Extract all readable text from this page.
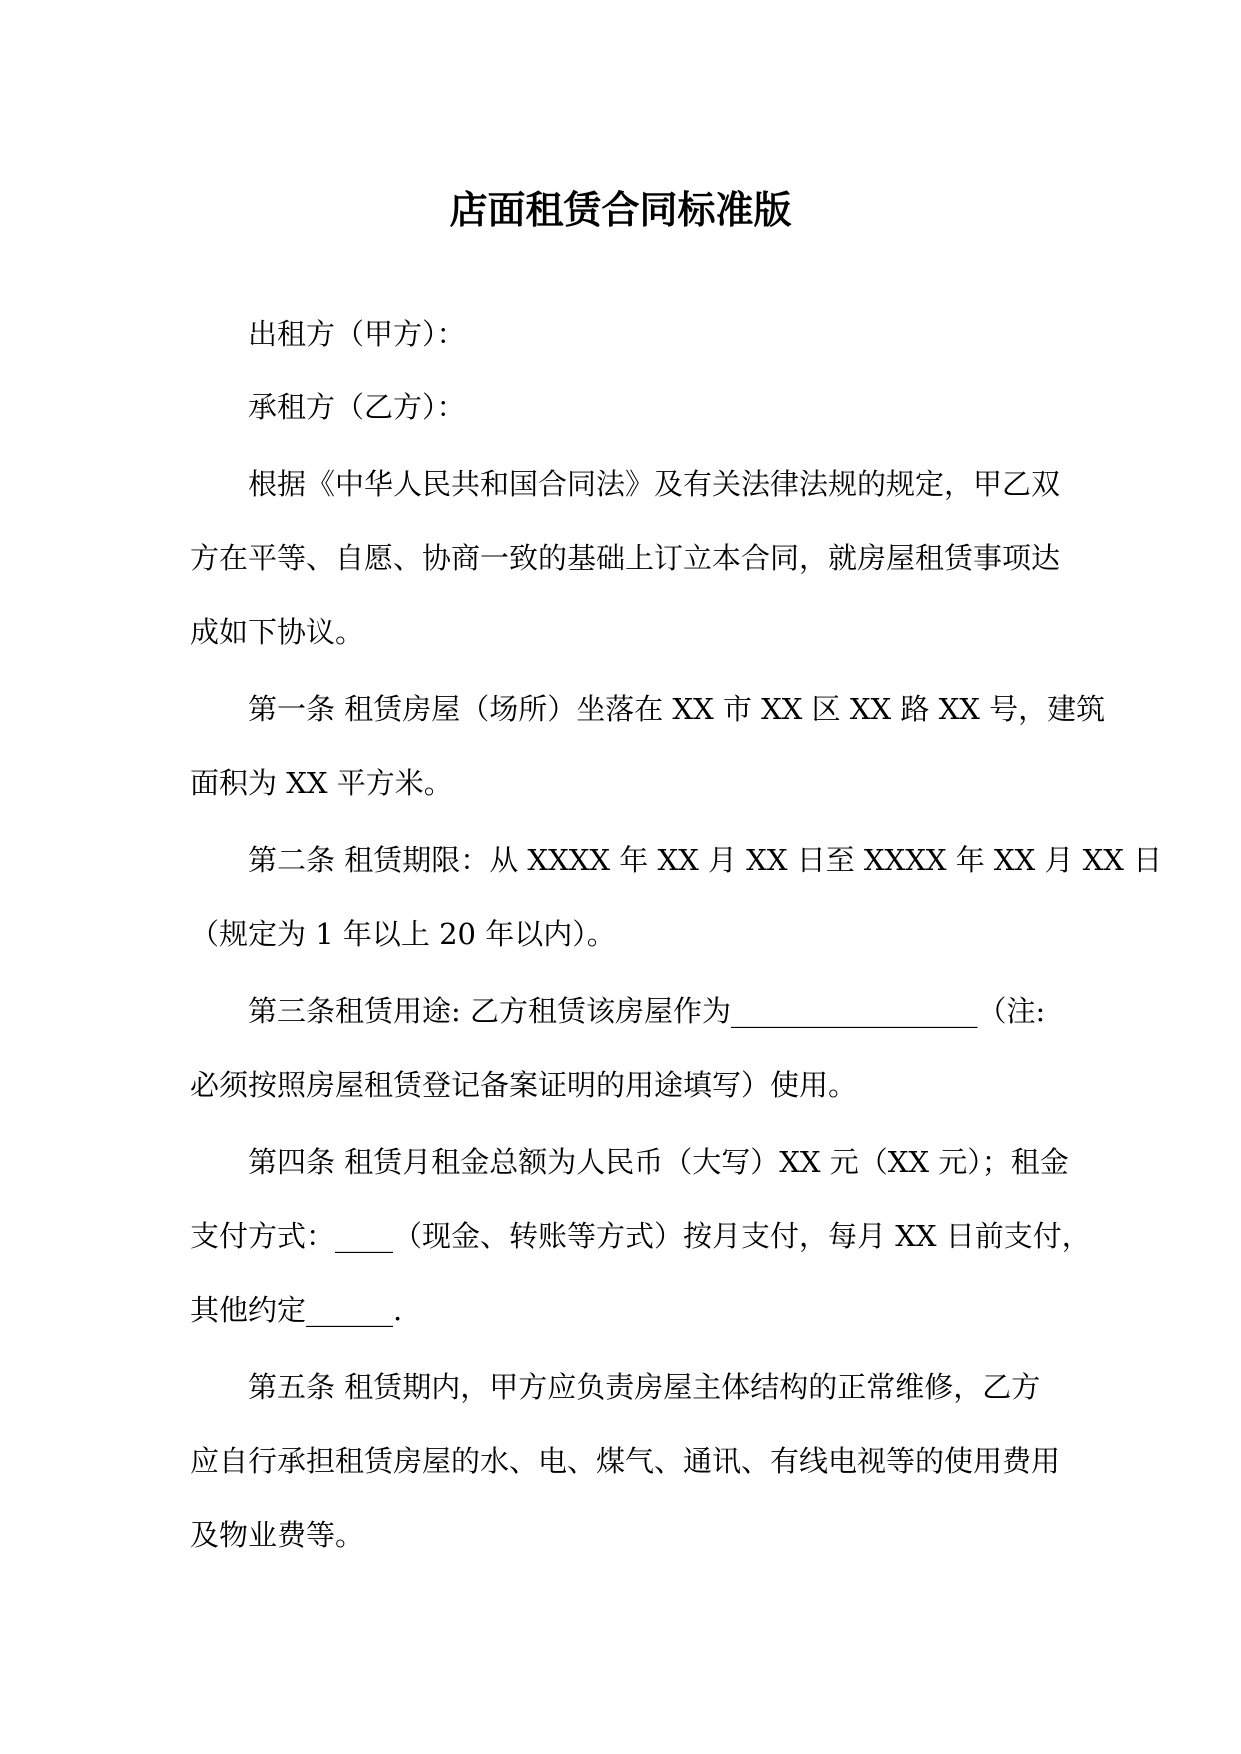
店面租赁合同标准版
出租方（甲方）：
承租方（乙方）：
根据《中华人民共和国合同法》及有关法律法规的规定，甲乙双
方在平等、自愿、协商一致的基础上订立本合同，就房屋租赁事项达
成如下协议。
第一条 租赁房屋（场所）坐落在 XX 市 XX 区 XX 路 XX 号，建筑
面积为 XX 平方米。
第二条 租赁期限：从 XXXX 年 XX 月 XX 日至 XXXX 年 XX 月 XX 日
（规定为 1 年以上 20 年以内）。
第三条租赁用途: 乙方租赁该房屋作为_________________（注:
必须按照房屋租赁登记备案证明的用途填写）使用。
第四条 租赁月租金总额为人民币（大写）XX 元（XX 元）；租金
支付方式：____（现金、转账等方式）按月支付，每月 XX 日前支付，
其他约定______.
第五条 租赁期内，甲方应负责房屋主体结构的正常维修，乙方
应自行承担租赁房屋的水、电、煤气、通讯、有线电视等的使用费用
及物业费等。
